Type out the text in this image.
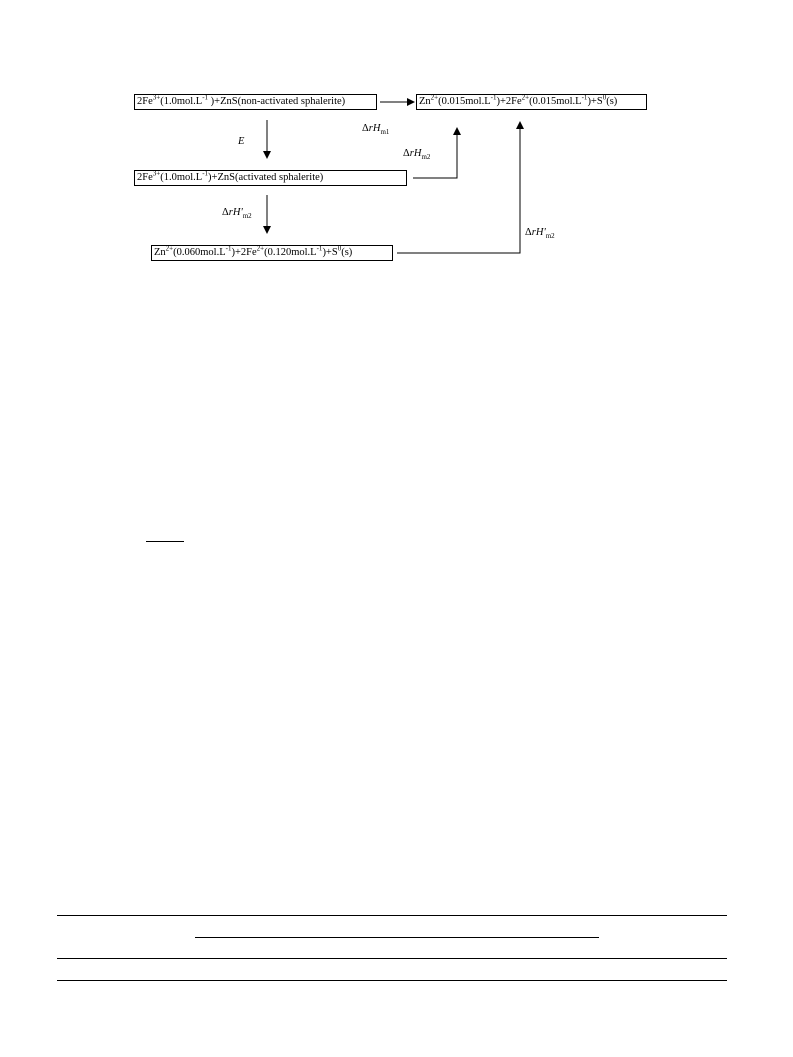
$2Fe^{3+}(1.0mol.L^{-1}$ )+ZnS(non-activated sphalerite)	$Zn^{2+}(0.015mol.L^{-1})+2Fe^{2+}(0.015mol.L^{-1})+S^0(s)$
$2Fe^{3+}(1.0mol.L^{-1})+ZnS(activated$ sphalerite)
$Zn^{2+}(0.060mol.L^{-1})+2Fe^{2+}(0.120mol.L^{-1})+S^0(s)$
ΔrH$_{m1}$
E
ΔrH$_{m2}$
$\Delta rH'_{m2}$
$\Delta rH'_{m2}$
